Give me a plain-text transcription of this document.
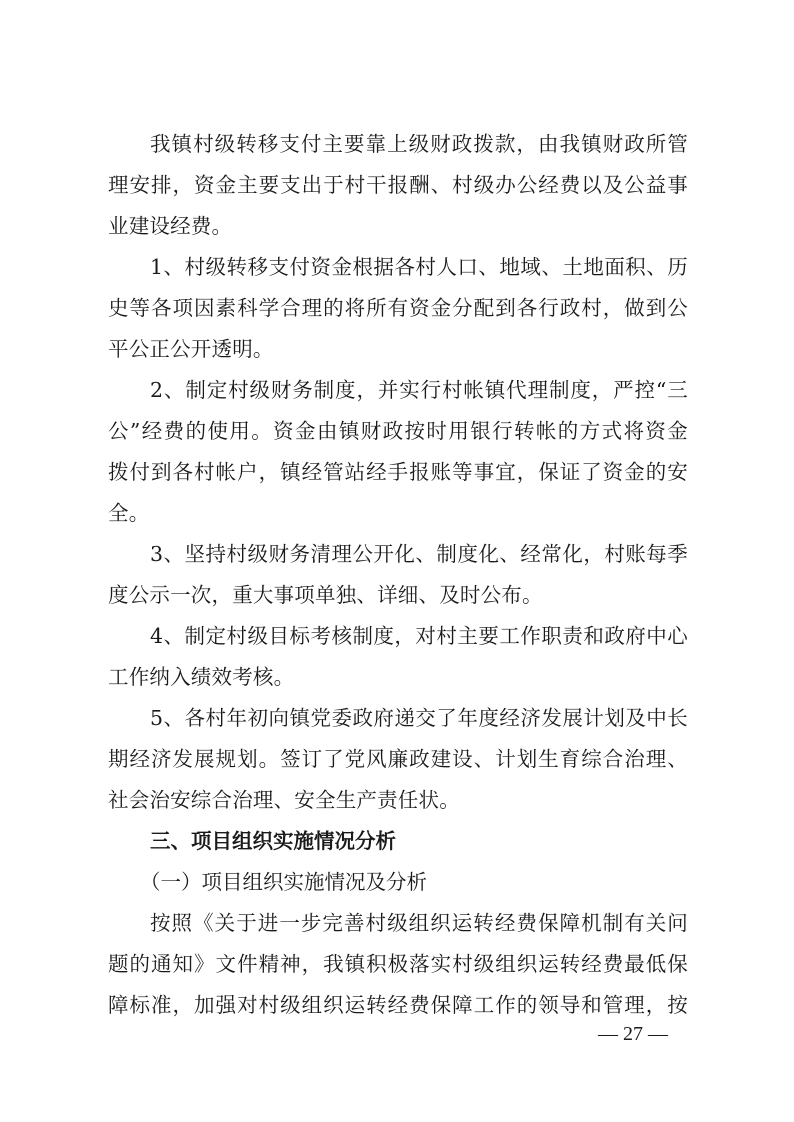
我镇村级转移支付主要靠上级财政拨款，由我镇财政所管
理安排，资金主要支出于村干报酬、村级办公经费以及公益事
业建设经费。
1、村级转移支付资金根据各村人口、地域、土地面积、历
史等各项因素科学合理的将所有资金分配到各行政村，做到公
平公正公开透明。
2、制定村级财务制度，并实行村帐镇代理制度，严控“三
公”经费的使用。资金由镇财政按时用银行转帐的方式将资金
拨付到各村帐户，镇经管站经手报账等事宜，保证了资金的安
全。
3、坚持村级财务清理公开化、制度化、经常化，村账每季
度公示一次，重大事项单独、详细、及时公布。
4、制定村级目标考核制度，对村主要工作职责和政府中心
工作纳入绩效考核。
5、各村年初向镇党委政府递交了年度经济发展计划及中长
期经济发展规划。签订了党风廉政建设、计划生育综合治理、
社会治安综合治理、安全生产责任状。
三、项目组织实施情况分析
（一）项目组织实施情况及分析
按照《关于进一步完善村级组织运转经费保障机制有关问
题的通知》文件精神，我镇积极落实村级组织运转经费最低保
障标准，加强对村级组织运转经费保障工作的领导和管理，按
— 27 —
